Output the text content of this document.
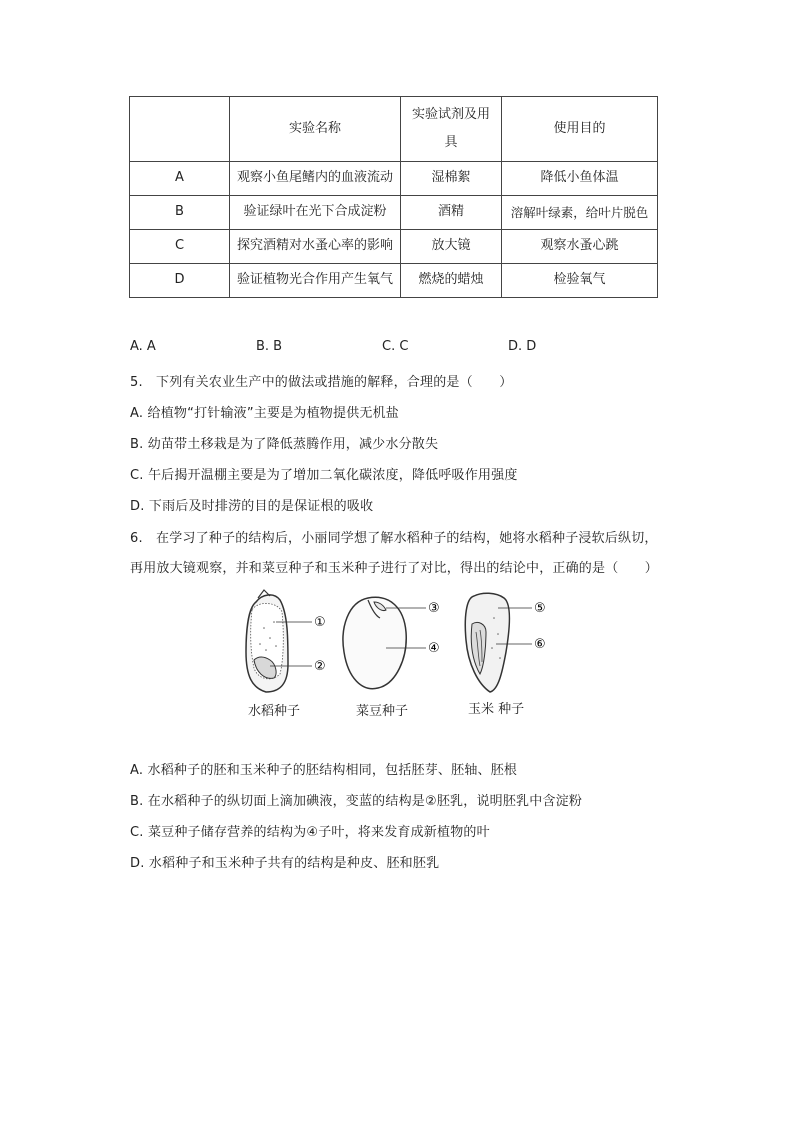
	实验名称	实验试剂及用具	使用目的
A	观察小鱼尾鳍内的血液流动	湿棉絮	降低小鱼体温
B	验证绿叶在光下合成淀粉	酒精	溶解叶绿素，给叶片脱色
C	探究酒精对水蚤心率的影响	放大镜	观察水蚤心跳
D	验证植物光合作用产生氧气	燃烧的蜡烛	检验氧气
A. A	B. B	C. C	D. D
5.　下列有关农业生产中的做法或措施的解释，合理的是（　　）
A. 给植物“打针输液”主要是为植物提供无机盐
B. 幼苗带土移栽是为了降低蒸腾作用，减少水分散失
C. 午后揭开温棚主要是为了增加二氧化碳浓度，降低呼吸作用强度
D. 下雨后及时排涝的目的是保证根的吸收
6.　在学习了种子的结构后，小丽同学想了解水稻种子的结构，她将水稻种子浸软后纵切，
再用放大镜观察，并和菜豆种子和玉米种子进行了对比，得出的结论中，正确的是（　　）
①
②
③
④
⑤
⑥
水稻种子	菜豆种子	玉米 种子
A. 水稻种子的胚和玉米种子的胚结构相同，包括胚芽、胚轴、胚根
B. 在水稻种子的纵切面上滴加碘液，变蓝的结构是②胚乳，说明胚乳中含淀粉
C. 菜豆种子储存营养的结构为④子叶，将来发育成新植物的叶
D. 水稻种子和玉米种子共有的结构是种皮、胚和胚乳
